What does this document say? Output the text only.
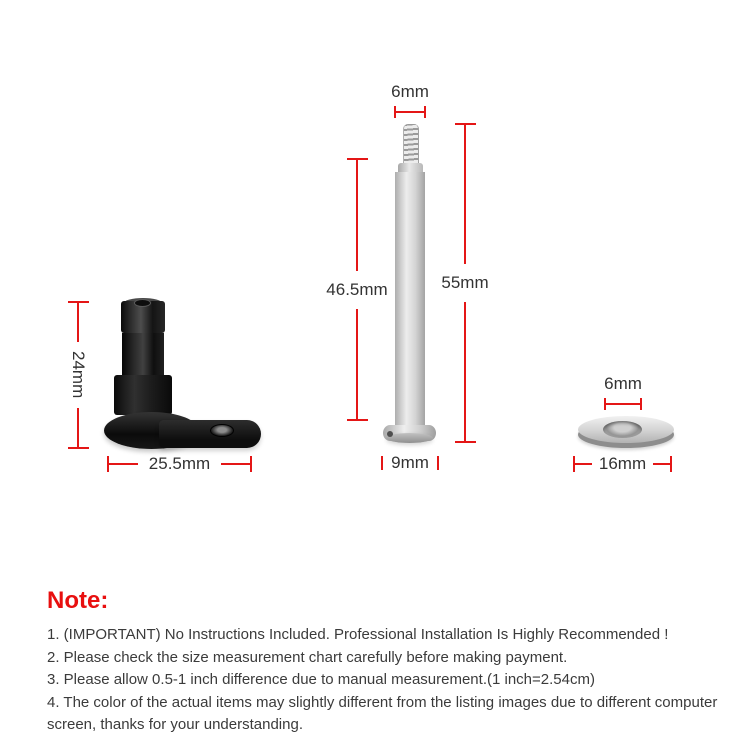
24mm
25.5mm
6mm
46.5mm	55mm
9mm
6mm
16mm
Note:
1. (IMPORTANT) No Instructions Included. Professional Installation Is Highly Recommended !
2. Please check the size measurement chart carefully before making payment.
3. Please allow 0.5-1 inch difference due to manual measurement.(1 inch=2.54cm)
4. The color of the actual items may slightly different from the listing images due to different computer screen, thanks for your understanding.
